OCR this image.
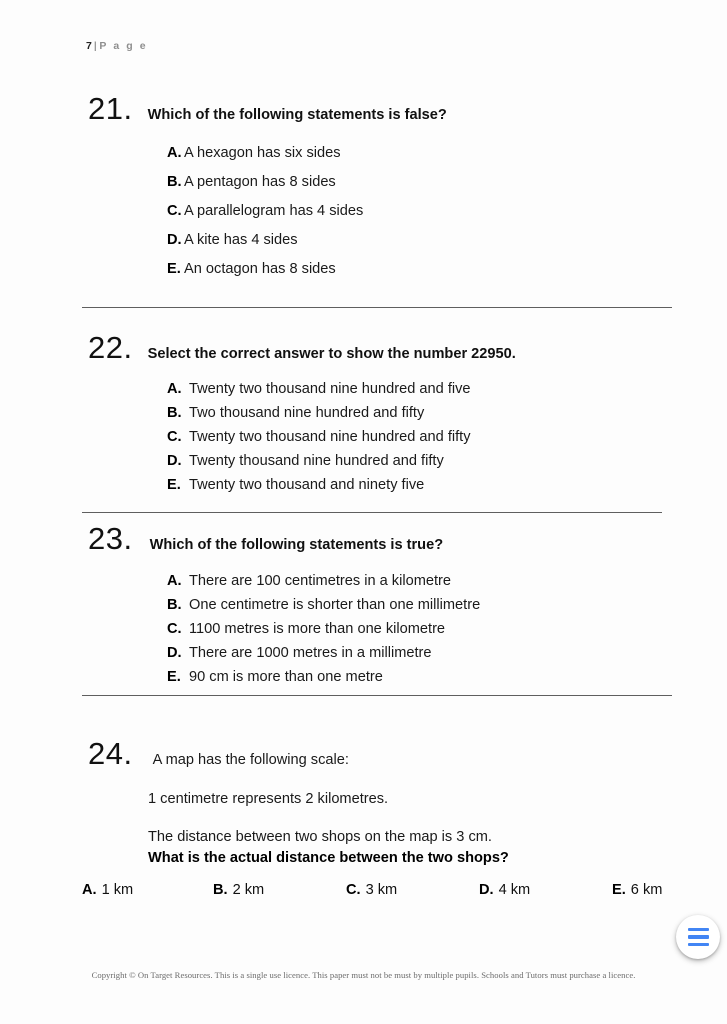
7 | P a g e
21. Which of the following statements is false?
A. A hexagon has six sides
B. A pentagon has 8 sides
C. A parallelogram has 4 sides
D. A kite has 4 sides
E. An octagon has 8 sides
22. Select the correct answer to show the number 22950.
A. Twenty two thousand nine hundred and five
B. Two thousand nine hundred and fifty
C. Twenty two thousand nine hundred and fifty
D. Twenty thousand nine hundred and fifty
E. Twenty two thousand and ninety five
23. Which of the following statements is true?
A. There are 100 centimetres in a kilometre
B. One centimetre is shorter than one millimetre
C. 1100 metres is more than one kilometre
D. There are 1000 metres in a millimetre
E. 90 cm is more than one metre
24. A map has the following scale:
1 centimetre represents 2 kilometres.
The distance between two shops on the map is 3 cm.
What is the actual distance between the two shops?
A. 1 km	B. 2 km	C. 3 km	D. 4 km	E. 6 km
Copyright © On Target Resources. This is a single use licence. This paper must not be must by multiple pupils. Schools and Tutors must purchase a licence.
